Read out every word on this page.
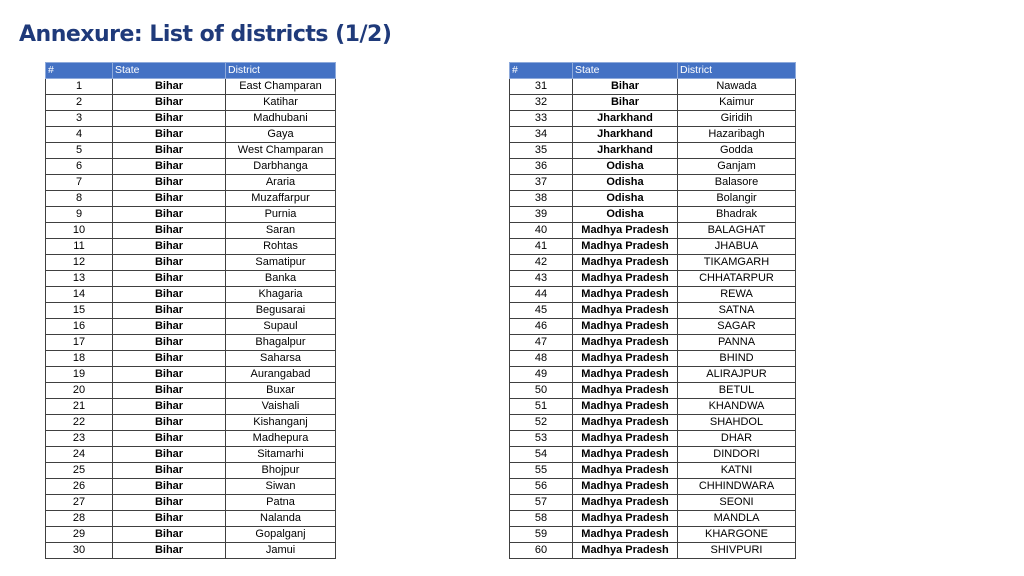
Annexure: List of districts (1/2)
#	State	District
1	Bihar	East Champaran
2	Bihar	Katihar
3	Bihar	Madhubani
4	Bihar	Gaya
5	Bihar	West Champaran
6	Bihar	Darbhanga
7	Bihar	Araria
8	Bihar	Muzaffarpur
9	Bihar	Purnia
10	Bihar	Saran
11	Bihar	Rohtas
12	Bihar	Samatipur
13	Bihar	Banka
14	Bihar	Khagaria
15	Bihar	Begusarai
16	Bihar	Supaul
17	Bihar	Bhagalpur
18	Bihar	Saharsa
19	Bihar	Aurangabad
20	Bihar	Buxar
21	Bihar	Vaishali
22	Bihar	Kishanganj
23	Bihar	Madhepura
24	Bihar	Sitamarhi
25	Bihar	Bhojpur
26	Bihar	Siwan
27	Bihar	Patna
28	Bihar	Nalanda
29	Bihar	Gopalganj
30	Bihar	Jamui
#	State	District
31	Bihar	Nawada
32	Bihar	Kaimur
33	Jharkhand	Giridih
34	Jharkhand	Hazaribagh
35	Jharkhand	Godda
36	Odisha	Ganjam
37	Odisha	Balasore
38	Odisha	Bolangir
39	Odisha	Bhadrak
40	Madhya Pradesh	BALAGHAT
41	Madhya Pradesh	JHABUA
42	Madhya Pradesh	TIKAMGARH
43	Madhya Pradesh	CHHATARPUR
44	Madhya Pradesh	REWA
45	Madhya Pradesh	SATNA
46	Madhya Pradesh	SAGAR
47	Madhya Pradesh	PANNA
48	Madhya Pradesh	BHIND
49	Madhya Pradesh	ALIRAJPUR
50	Madhya Pradesh	BETUL
51	Madhya Pradesh	KHANDWA
52	Madhya Pradesh	SHAHDOL
53	Madhya Pradesh	DHAR
54	Madhya Pradesh	DINDORI
55	Madhya Pradesh	KATNI
56	Madhya Pradesh	CHHINDWARA
57	Madhya Pradesh	SEONI
58	Madhya Pradesh	MANDLA
59	Madhya Pradesh	KHARGONE
60	Madhya Pradesh	SHIVPURI
